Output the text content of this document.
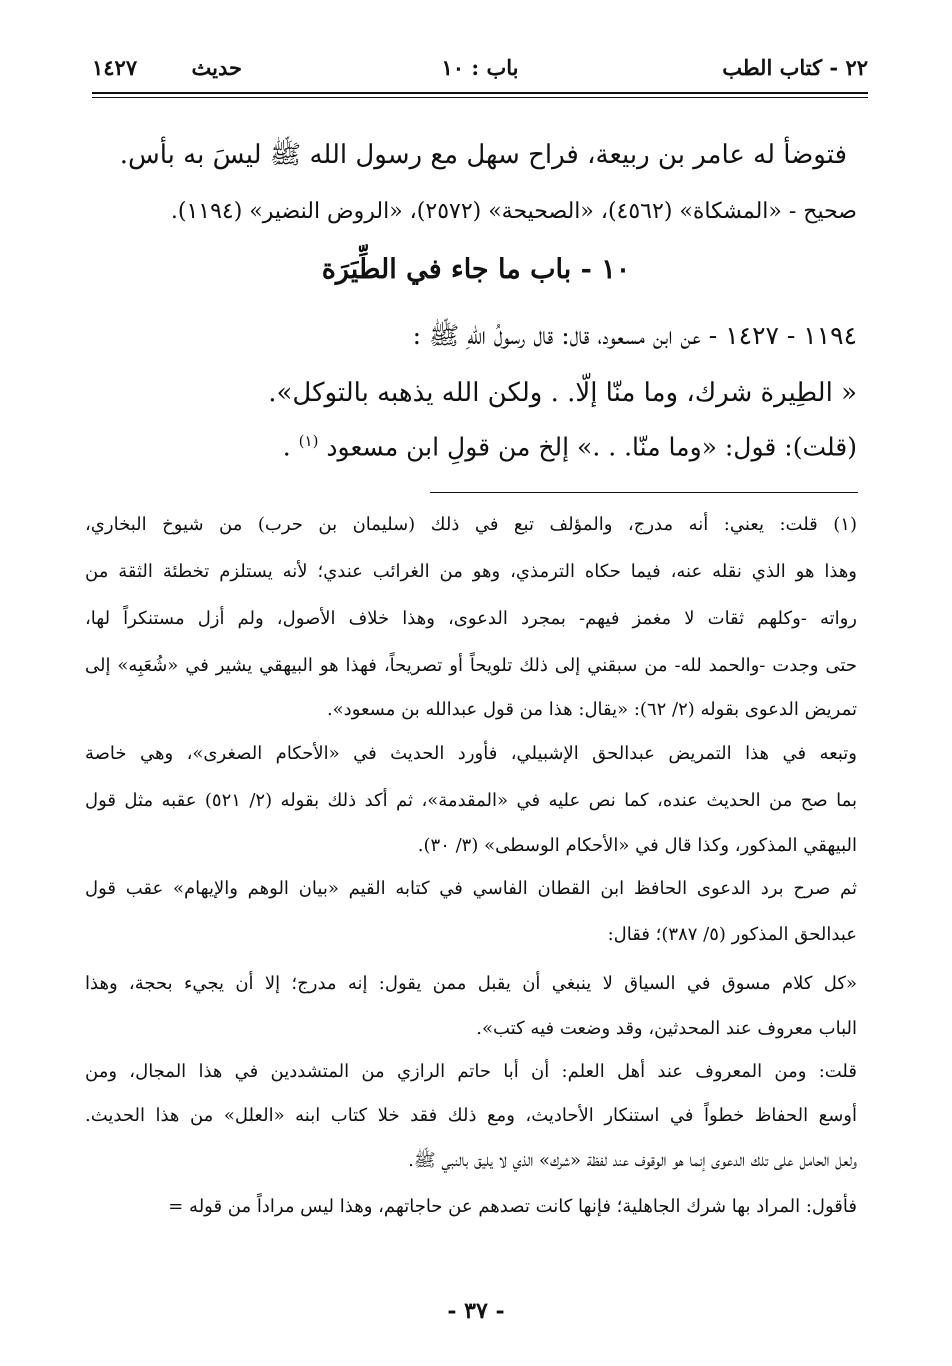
٢٢ - كتاب الطب
باب : ١٠
حديث
١٤٢٧
فتوضأ له عامر بن ربيعة، فراح سهل مع رسول الله ﷺ ليسَ به بأس.
صحيح - «المشكاة» (٤٥٦٢)، «الصحيحة» (٢٥٧٢)، «الروض النضير» (١١٩٤).
١٠ - باب ما جاء في الطِّيَرَة
١١٩٤ - ١٤٢٧ - عن ابن مسعود، قال: قال رسولُ اللهِ ﷺ :
« الطِيرة شرك، وما منّا إلّا. . ولكن الله يذهبه بالتوكل».
(قلت): قول: «وما منّا. . .» إلخ من قولِ ابن مسعود $^{(١)}$ .
(١) قلت: يعني: أنه مدرج، والمؤلف تبع في ذلك (سليمان بن حرب) من شيوخ البخاري،
وهذا هو الذي نقله عنه، فيما حكاه الترمذي، وهو من الغرائب عندي؛ لأنه يستلزم تخطئة الثقة من
رواته -وكلهم ثقات لا مغمز فيهم- بمجرد الدعوى، وهذا خلاف الأصول، ولم أزل مستنكراً لها،
حتى وجدت -والحمد لله- من سبقني إلى ذلك تلويحاً أو تصريحاً، فهذا هو البيهقي يشير في «شُعَبِه» إلى
تمريض الدعوى بقوله (٢/ ٦٢): «يقال: هذا من قول عبدالله بن مسعود».
وتبعه في هذا التمريض عبدالحق الإشبيلي، فأورد الحديث في «الأحكام الصغرى»، وهي خاصة
بما صح من الحديث عنده، كما نص عليه في «المقدمة»، ثم أكد ذلك بقوله (٢/ ٥٢١) عقبه مثل قول
البيهقي المذكور، وكذا قال في «الأحكام الوسطى» (٣/ ٣٠).
ثم صرح برد الدعوى الحافظ ابن القطان الفاسي في كتابه القيم «بيان الوهم والإيهام» عقب قول
عبدالحق المذكور (٥/ ٣٨٧)؛ فقال:
«كل كلام مسوق في السياق لا ينبغي أن يقبل ممن يقول: إنه مدرج؛ إلا أن يجيء بحجة، وهذا
الباب معروف عند المحدثين، وقد وضعت فيه كتب».
قلت: ومن المعروف عند أهل العلم: أن أبا حاتم الرازي من المتشددين في هذا المجال، ومن
أوسع الحفاظ خطواً في استنكار الأحاديث، ومع ذلك فقد خلا كتاب ابنه «العلل» من هذا الحديث.
ولعل الحامل على تلك الدعوى إنما هو الوقوف عند لفظة «شرك» الذي لا يليق بالنبي ﷺ.
فأقول: المراد بها شرك الجاهلية؛ فإنها كانت تصدهم عن حاجاتهم، وهذا ليس مراداً من قوله =
- ٣٧ -
